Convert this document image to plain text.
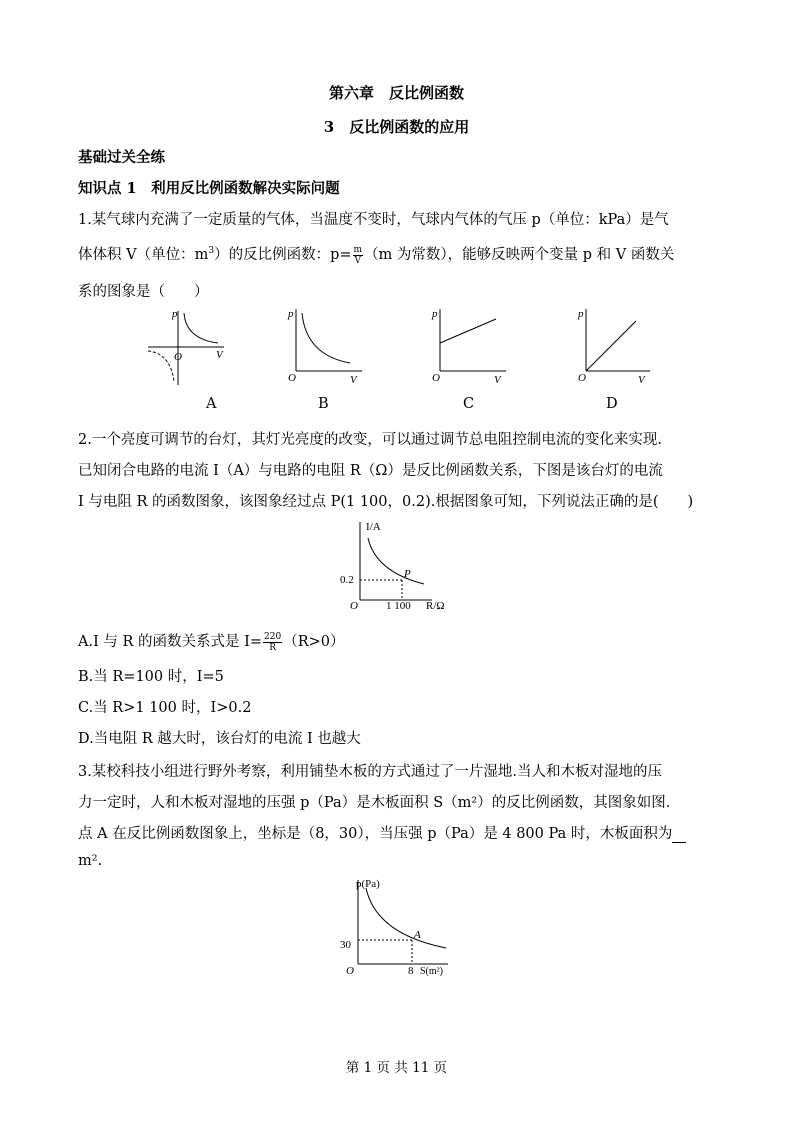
第六章　反比例函数
3　反比例函数的应用
基础过关全练
知识点 1　利用反比例函数解决实际问题
1.某气球内充满了一定质量的气体，当温度不变时，气球内气体的气压 p（单位：kPa）是气
体体积 V（单位：$m^3$）的反比例函数：$p= \frac{m}{V} (m$ 为常数），能够反映两个变量 p 和 V 函数关
系的图象是（　　）
p
O	V
p
O	V
p
O	V
p
O	V
A	B	C	D
2.一个亮度可调节的台灯，其灯光亮度的改变，可以通过调节总电阻控制电流的变化来实现.
已知闭合电路的电流 I（A）与电路的电阻 R（Ω）是反比例函数关系，下图是该台灯的电流
I 与电阻 R 的函数图象，该图象经过点 P(1 100，0.2).根据图象可知，下列说法正确的是(　　)
I/A
0.2	P
O	1 100 R/Ω
A.I 与 R 的函数关系式是 $I= \frac{220}{R} (R>0)$
B.当 R=100 时，I=5
C.当 R>1 100 时，I>0.2
D.当电阻 R 越大时，该台灯的电流 I 也越大
3.某校科技小组进行野外考察，利用铺垫木板的方式通过了一片湿地.当人和木板对湿地的压
力一定时，人和木板对湿地的压强 p（Pa）是木板面积 S（m²）的反比例函数，其图象如图.
点 A 在反比例函数图象上，坐标是（8，30），当压强 p（Pa）是 4 800 Pa 时，木板面积为
m².
p(Pa)
30
A
O	8 S(m²)
第 1 页 共 11 页
